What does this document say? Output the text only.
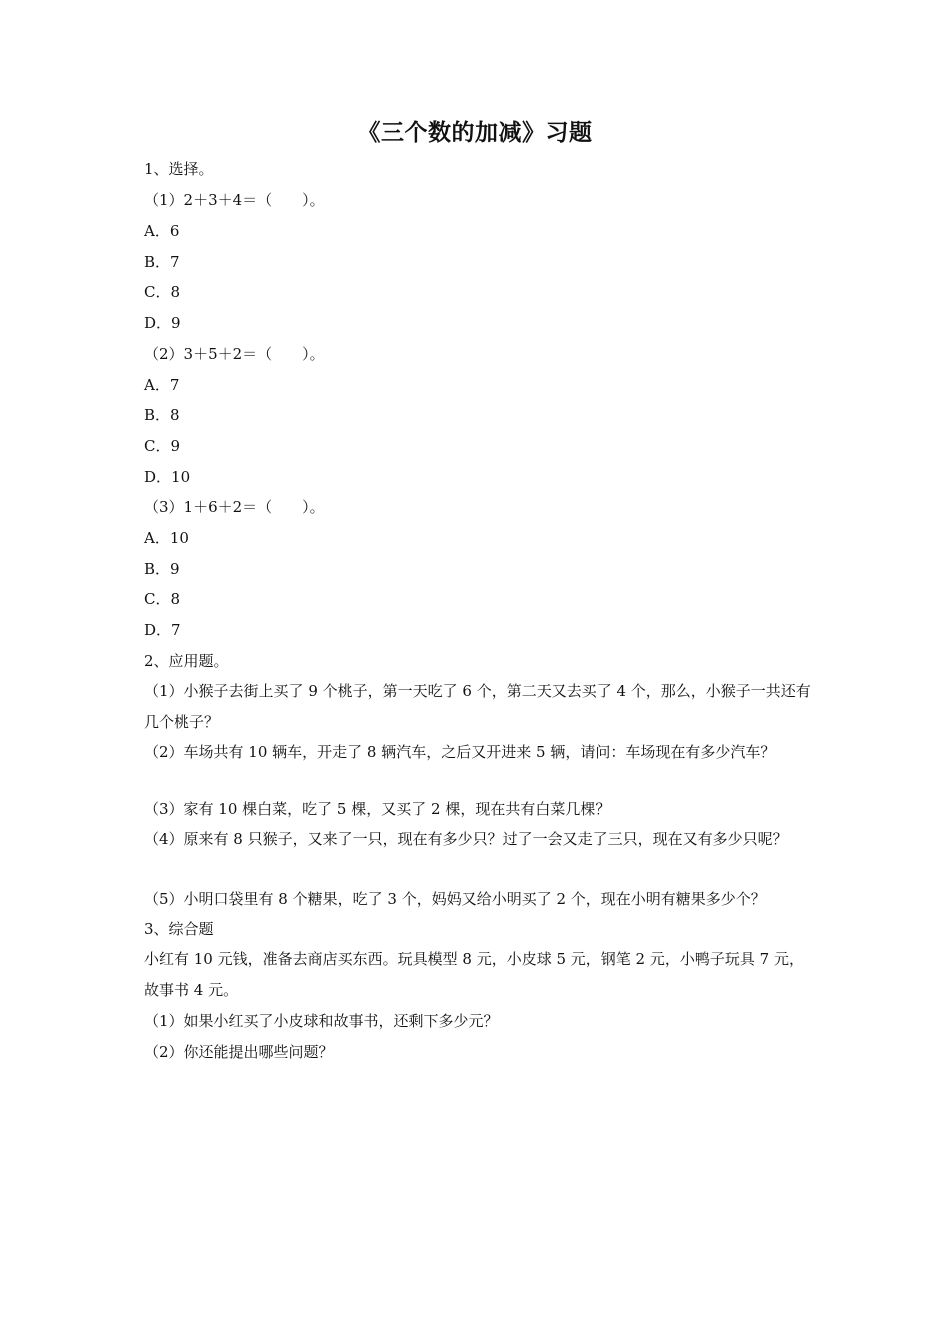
《三个数的加减》习题
1、选择。
（1）2＋3＋4＝（　　）。
A．6
B．7
C．8
D．9
（2）3＋5＋2＝（　　）。
A．7
B．8
C．9
D．10
（3）1＋6＋2＝（　　）。
A．10
B．9
C．8
D．7
2、应用题。
（1）小猴子去街上买了 9 个桃子，第一天吃了 6 个，第二天又去买了 4 个，那么，小猴子一共还有几个桃子？
（2）车场共有 10 辆车，开走了 8 辆汽车，之后又开进来 5 辆，请问：车场现在有多少汽车？
（3）家有 10 棵白菜，吃了 5 棵，又买了 2 棵，现在共有白菜几棵？
（4）原来有 8 只猴子，又来了一只，现在有多少只？过了一会又走了三只，现在又有多少只呢？
（5）小明口袋里有 8 个糖果，吃了 3 个，妈妈又给小明买了 2 个，现在小明有糖果多少个？
3、综合题
小红有 10 元钱，准备去商店买东西。玩具模型 8 元，小皮球 5 元，钢笔 2 元，小鸭子玩具 7 元，故事书 4 元。
（1）如果小红买了小皮球和故事书，还剩下多少元？
（2）你还能提出哪些问题？
